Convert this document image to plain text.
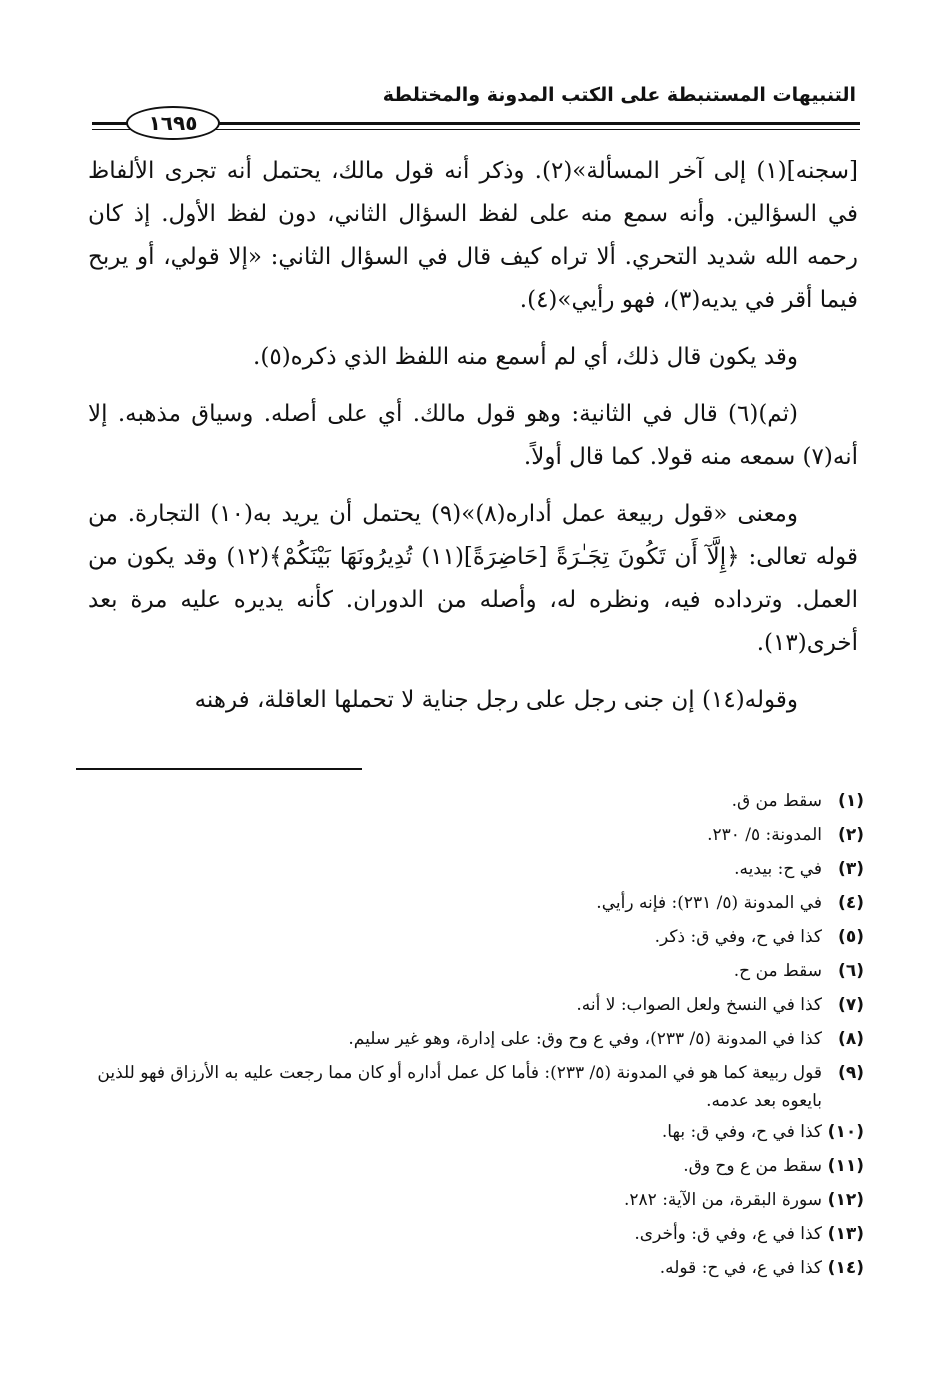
التنبيهات المستنبطة على الكتب المدونة والمختلطة
١٦٩٥

[سجنه](١) إلى آخر المسألة»(٢). وذكر أنه قول مالك، يحتمل أنه تجرى الألفاظ في السؤالين. وأنه سمع منه على لفظ السؤال الثاني، دون لفظ الأول. إذ كان رحمه الله شديد التحري. ألا تراه كيف قال في السؤال الثاني: «إلا قولي، أو يربح فيما أقر في يديه(٣)، فهو رأيي»(٤).

وقد يكون قال ذلك، أي لم أسمع منه اللفظ الذي ذكره(٥).

(ثم)(٦) قال في الثانية: وهو قول مالك. أي على أصله. وسياق مذهبه. إلا أنه(٧) سمعه منه قولا. كما قال أولاً.

ومعنى «قول ربيعة عمل أداره(٨)»(٩) يحتمل أن يريد به(١٠) التجارة. من قوله تعالى: ﴿إِلَّآ أَن تَكُونَ تِجَـٰرَةً [حَاضِرَةً](١١) تُدِيرُونَهَا بَيْنَكُمْ﴾(١٢) وقد يكون من العمل. وترداده فيه، ونظره له، وأصله من الدوران. كأنه يديره عليه مرة بعد أخرى(١٣).

وقوله(١٤) إن جنى رجل على رجل جناية لا تحملها العاقلة، فرهنه

(١)
سقط من ق.
(٢)
المدونة: ٥/ ٢٣٠.
(٣)
في ح: بيديه.
(٤)
في المدونة (٥/ ٢٣١): فإنه رأيي.
(٥)
كذا في ح، وفي ق: ذكر.
(٦)
سقط من ح.
(٧)
كذا في النسخ ولعل الصواب: لا أنه.
(٨)
كذا في المدونة (٥/ ٢٣٣)، وفي ع وح وق: على إدارة، وهو غير سليم.
(٩)
قول ربيعة كما هو في المدونة (٥/ ٢٣٣): فأما كل عمل أداره أو كان مما رجعت عليه به الأرزاق فهو للذين بايعوه بعد عدمه.
(١٠)
كذا في ح، وفي ق: بها.
(١١)
سقط من ع وح وق.
(١٢)
سورة البقرة، من الآية: ٢٨٢.
(١٣)
كذا في ع، وفي ق: وأخرى.
(١٤)
كذا في ع، في ح: قوله.
